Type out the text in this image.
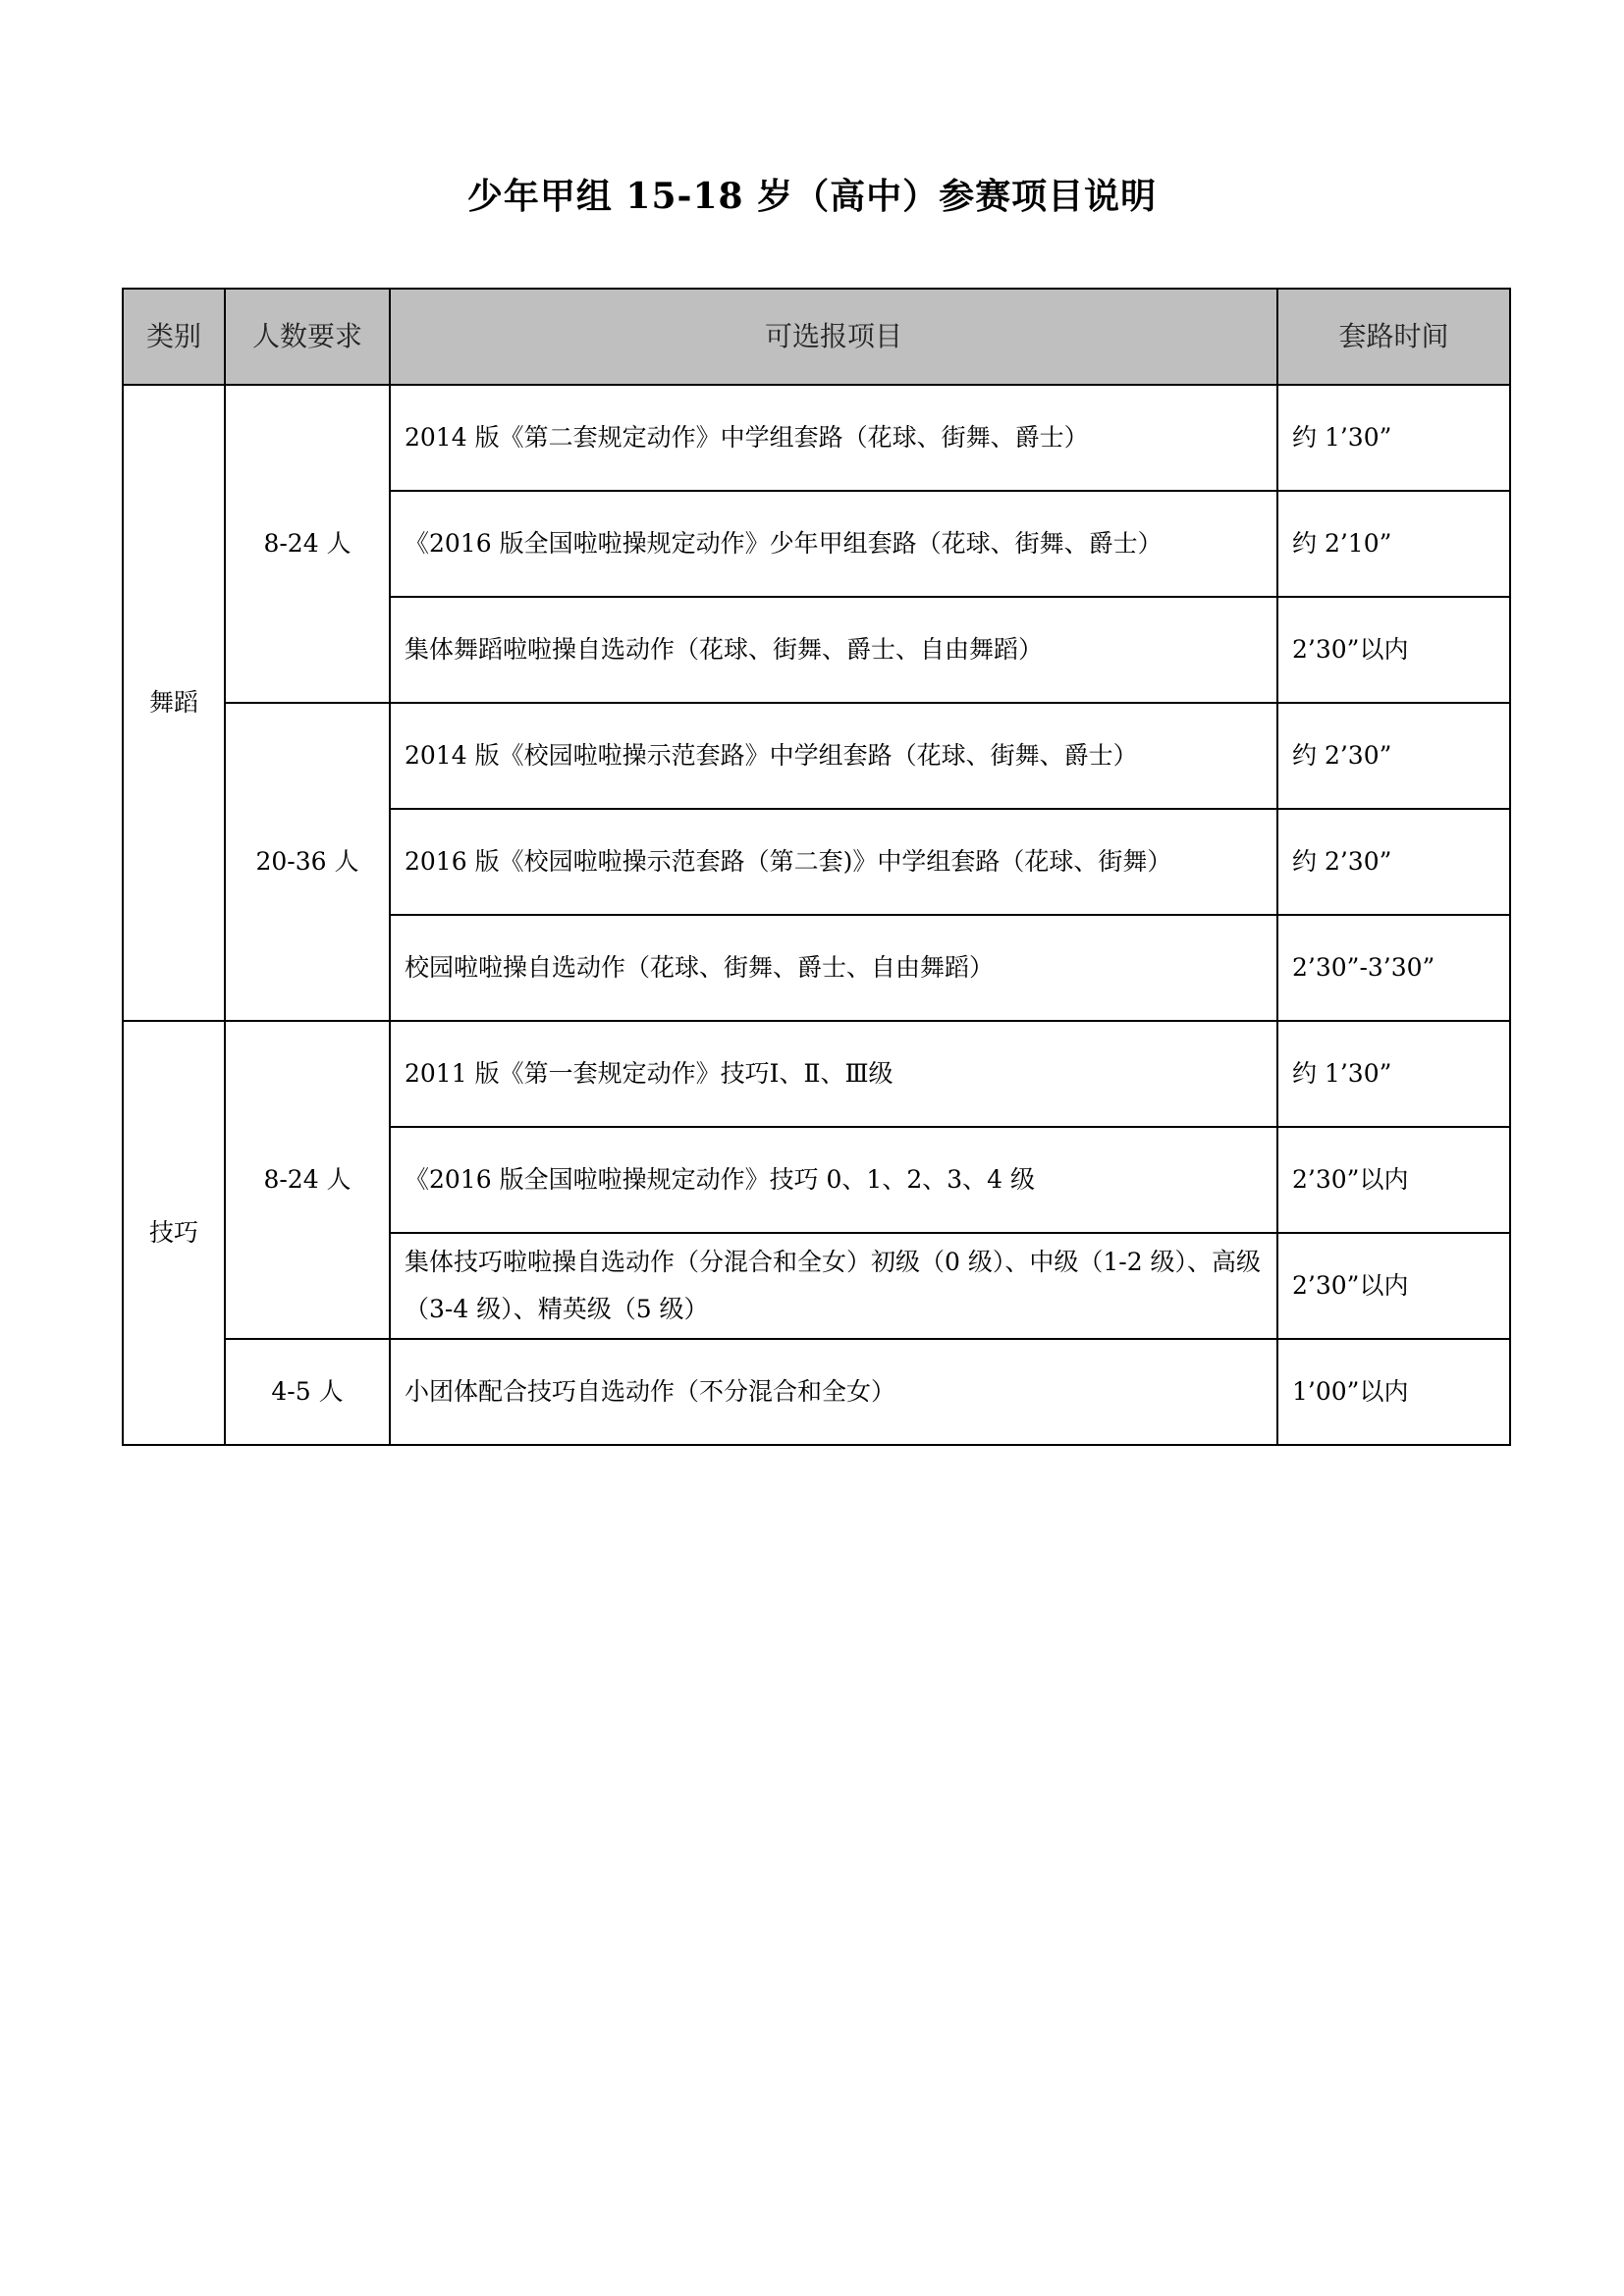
少年甲组 15-18 岁（高中）参赛项目说明
类别	人数要求	可选报项目	套路时间
舞蹈	8-24 人	2014 版《第二套规定动作》中学组套路（花球、街舞、爵士）	约 1’30”
		《2016 版全国啦啦操规定动作》少年甲组套路（花球、街舞、爵士）	约 2’10”
		集体舞蹈啦啦操自选动作（花球、街舞、爵士、自由舞蹈）	2’30”以内
	20-36 人	2014 版《校园啦啦操示范套路》中学组套路（花球、街舞、爵士）	约 2’30”
		2016 版《校园啦啦操示范套路（第二套)》中学组套路（花球、街舞）	约 2’30”
		校园啦啦操自选动作（花球、街舞、爵士、自由舞蹈）	2’30”-3’30”
技巧	8-24 人	2011 版《第一套规定动作》技巧Ⅰ、Ⅱ、Ⅲ级	约 1’30”
		《2016 版全国啦啦操规定动作》技巧 0、1、2、3、4 级	2’30”以内
		集体技巧啦啦操自选动作（分混合和全女）初级（0 级）、中级（1-2 级）、高级（3-4 级）、精英级（5 级）	2’30”以内
	4-5 人	小团体配合技巧自选动作（不分混合和全女）	1’00”以内
